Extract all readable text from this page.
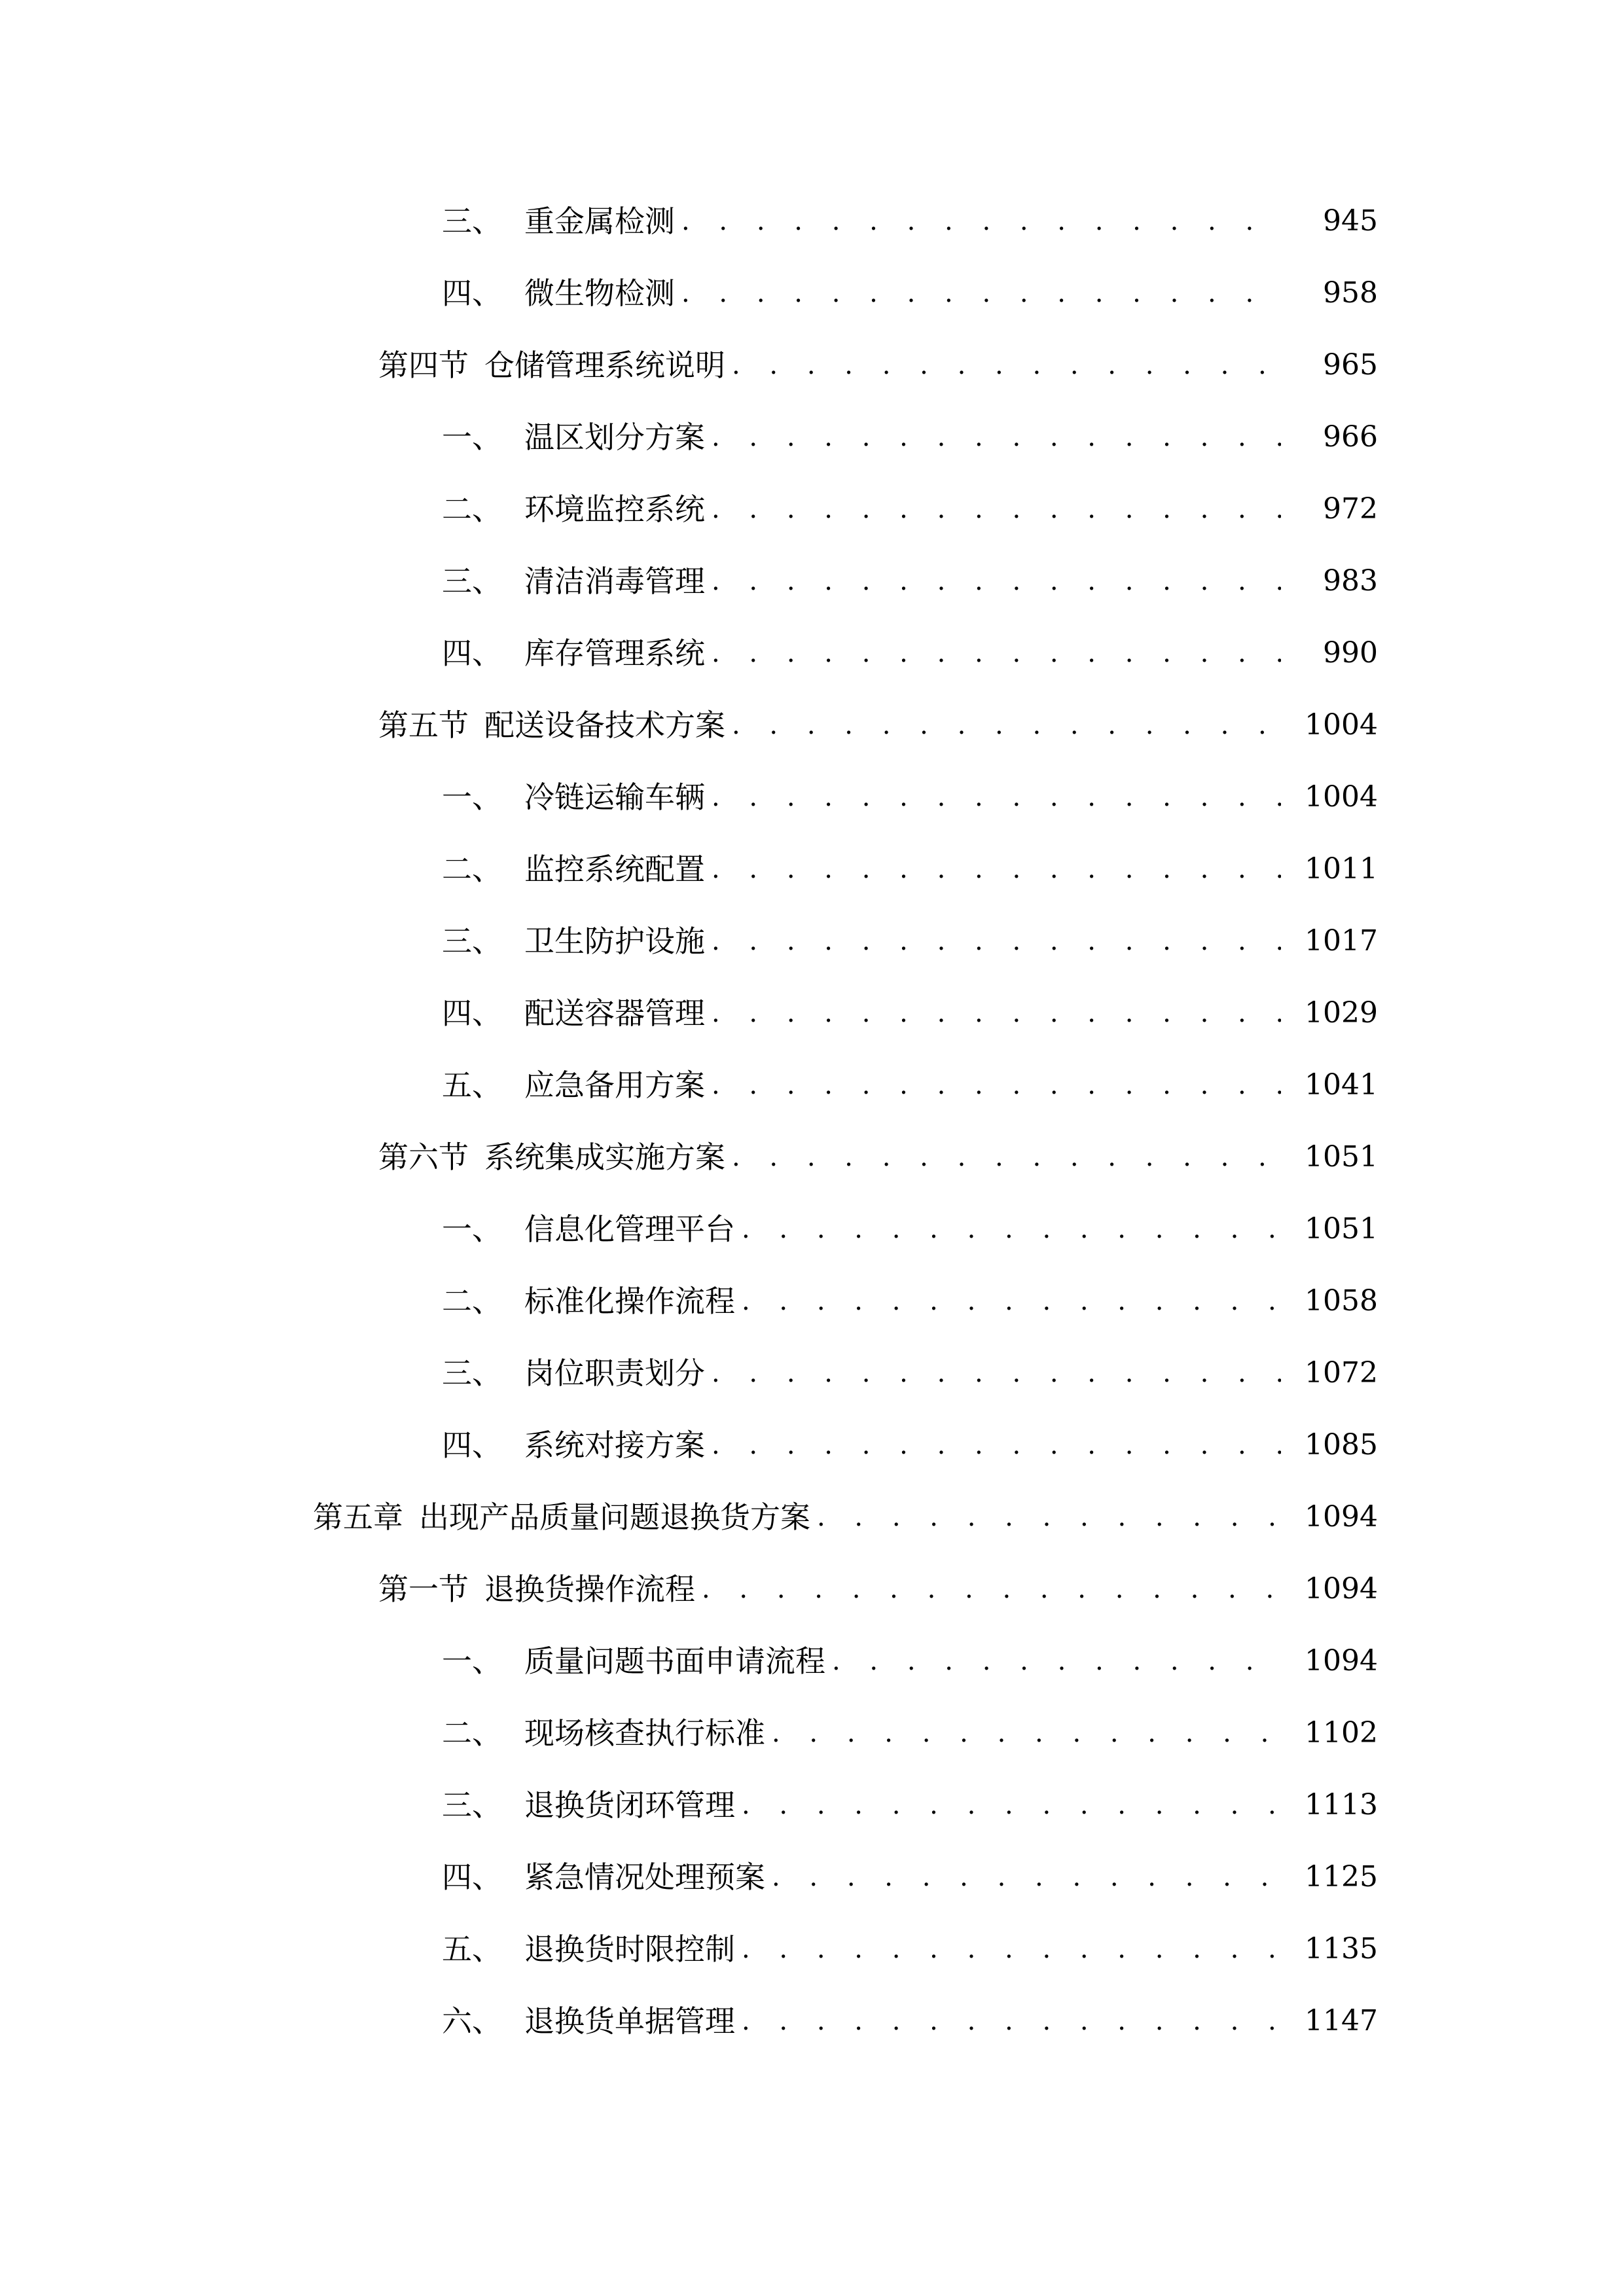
三、 重金属检测 . . .	945
四、 微生物检测 . . .	958
第四节 仓储管理系统说明 . . .	965
一、 温区划分方案 . . .	966
二、 环境监控系统 . . .	972
三、 清洁消毒管理 . . .	983
四、 库存管理系统 . . .	990
第五节 配送设备技术方案 . . .	1004
一、 冷链运输车辆 . . .	1004
二、 监控系统配置 . . .	1011
三、 卫生防护设施 . . .	1017
四、 配送容器管理 . . .	1029
五、 应急备用方案 . . .	1041
第六节 系统集成实施方案 . . .	1051
一、 信息化管理平台 . . .	1051
二、 标准化操作流程 . . .	1058
三、 岗位职责划分 . . .	1072
四、 系统对接方案 . . .	1085
第五章 出现产品质量问题退换货方案 . . .	1094
第一节 退换货操作流程 . . .	1094
一、 质量问题书面申请流程 . . .	1094
二、 现场核查执行标准 . . .	1102
三、 退换货闭环管理 . . .	1113
四、 紧急情况处理预案 . . .	1125
五、 退换货时限控制 . . .	1135
六、 退换货单据管理 . . .	1147
